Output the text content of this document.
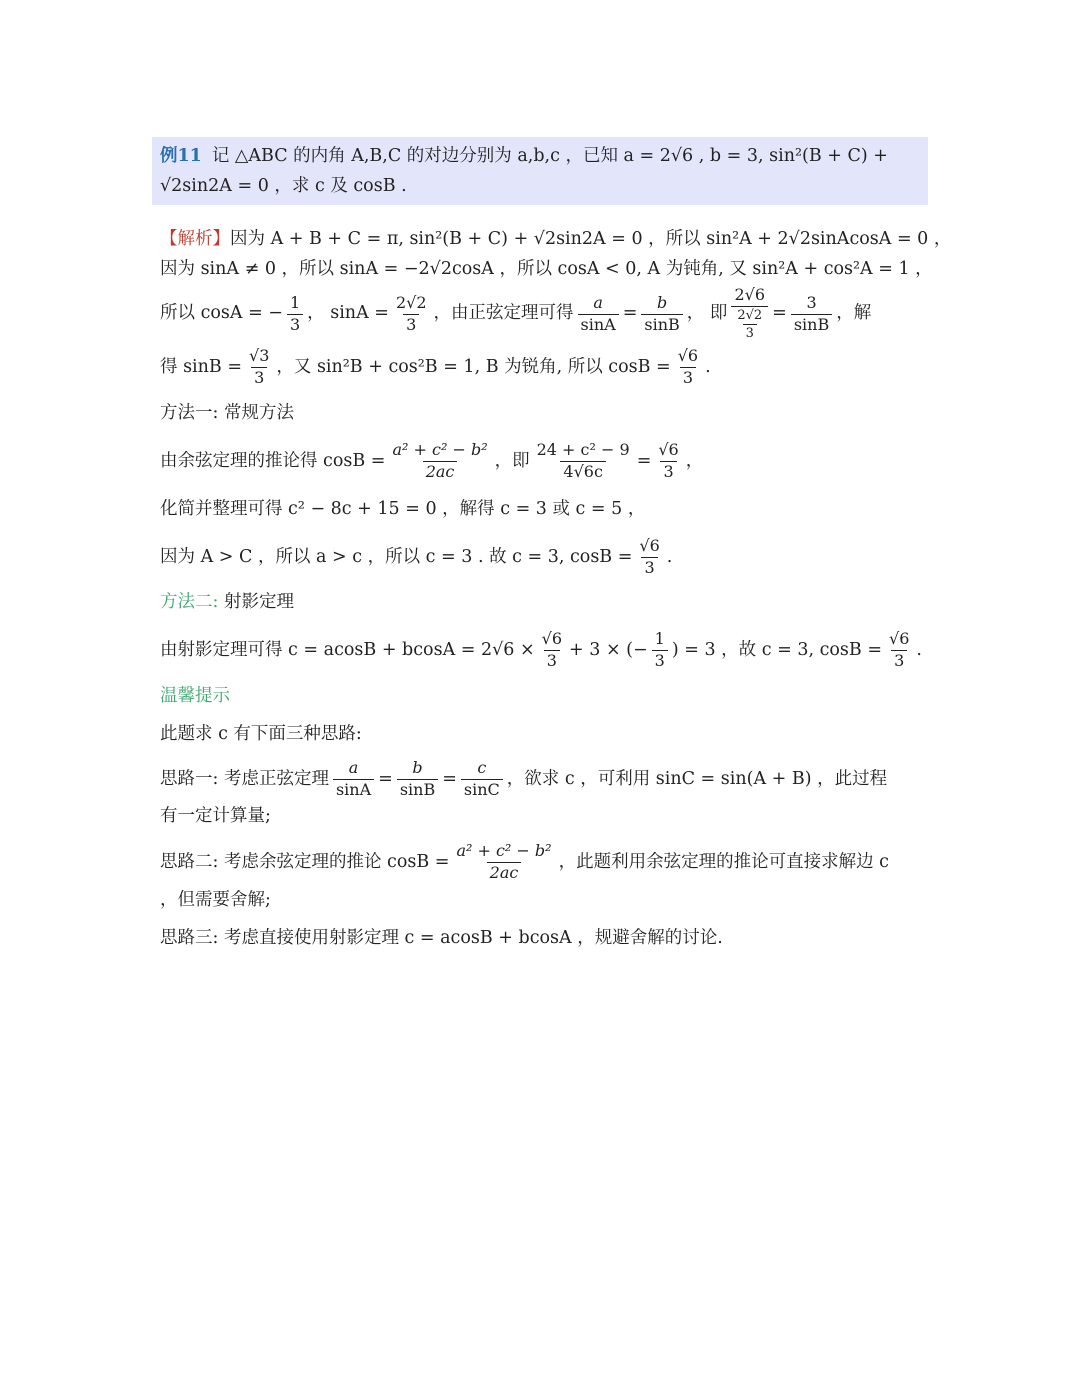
例11 记 △ABC 的内角 A,B,C 的对边分别为 a,b,c ，已知 a = 2√6 , b = 3, sin²(B + C) +
√2sin2A = 0 ，求 c 及 cosB .
【解析】因为 A + B + C = π, sin²(B + C) + √2sin2A = 0 ，所以 sin²A + 2√2sinAcosA = 0 ，
因为 sinA ≠ 0 ，所以 sinA = −2√2cosA ，所以 cosA < 0, A 为钝角, 又 sin²A + cos²A = 1 ，
所以 cosA = − $\frac{1}{3}$ ， $\sin A = \frac{2√2}{3}$ ，由正弦定理可得 $\frac{a}{\sin A} = \frac{b}{\sin B}$ ， 即 $\frac{2√6}{\frac{2√2}{3}} = \frac{3}{\sin B}$ ，解
得 $\sin B = \frac{√3}{3}$ ，又 sin²B + cos²B = 1, B 为锐角, 所以 $\cos B = \frac{√6}{3}$ .
方法一: 常规方法
由余弦定理的推论得 $\cos B = \frac{\text{a² + c² − b²}}{2ac}$ ，即 $\frac{\text{24 + c² − 9}}{4√6c} = \frac{√6}{3}$ ，
化简并整理可得 c² − 8c + 15 = 0 ，解得 c = 3 或 c = 5 ，
因为 A > C ，所以 a > c ，所以 c = 3 . 故 c = 3, $\cos B = \frac{√6}{3}$ .
方法二: 射影定理
由射影定理可得 $c = acosB + bcosA = 2√6 \times \frac{√6}{3} + 3$ × (− $\frac{1}{3}$ ) = 3 ，故 c = 3, $\cos B = \frac{√6}{3}$ .
温馨提示
此题求 c 有下面三种思路:
思路一: 考虑正弦定理 $\frac{a}{\sin A} = \frac{b}{\sin B} = \frac{c}{\sin C}$ ，欲求 c ，可利用 sinC = sin(A + B) ，此过程
有一定计算量;
思路二: 考虑余弦定理的推论 $\cos B = \frac{\text{a² + c² − b²}}{2ac}$ ，此题利用余弦定理的推论可直接求解边 c
，但需要舍解;
思路三: 考虑直接使用射影定理 c = acosB + bcosA ，规避舍解的讨论.
